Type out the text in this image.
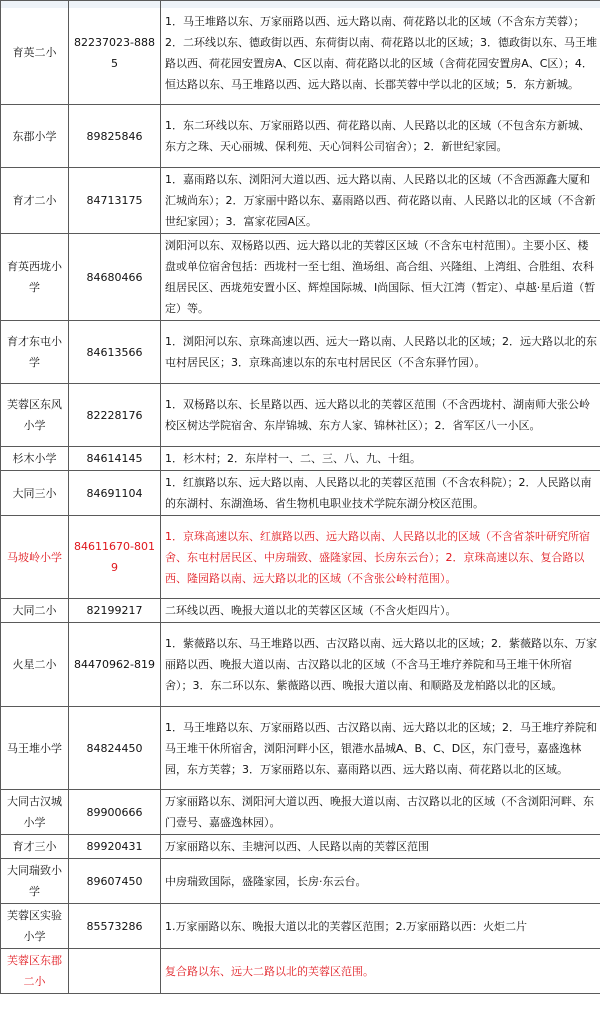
育英二小	82237023-8885	1．马王堆路以东、万家丽路以西、远大路以南、荷花路以北的区域（不含东方芙蓉）；2．二环线以东、德政街以西、东荷街以南、荷花路以北的区域；3．德政街以东、马王堆路以西、荷花园安置房A、C区以南、荷花路以北的区域（含荷花园安置房A、C区）；4．恒达路以东、马王堆路以西、远大路以南、长郡芙蓉中学以北的区域；5．东方新城。
东郡小学	89825846	1．东二环线以东、万家丽路以西、荷花路以南、人民路以北的区域（不包含东方新城、东方之珠、天心丽城、保利苑、天心饲料公司宿舍）；2．新世纪家园。
育才二小	84713175	1．嘉雨路以东、浏阳河大道以西、远大路以南、人民路以北的区域（不含西源鑫大厦和汇城尚东）；2．万家丽中路以东、嘉雨路以西、荷花路以南、人民路以北的区域（不含新世纪家园）；3．富家花园A区。
育英西垅小学	84680466	浏阳河以东、双杨路以西、远大路以北的芙蓉区区域（不含东屯村范围）。主要小区、楼盘或单位宿舍包括：西垅村一至七组、渔场组、高合组、兴隆组、上湾组、合胜组、农科组居民区、西垅苑安置小区、辉煌国际城、I尚国际、恒大江湾（暂定）、卓越·星后道（暂定）等。
育才东屯小学	84613566	1．浏阳河以东、京珠高速以西、远大一路以南、人民路以北的区域；2．远大路以北的东屯村居民区；3．京珠高速以东的东屯村居民区（不含东驿竹园）。
芙蓉区东风小学	82228176	1．双杨路以东、长星路以西、远大路以北的芙蓉区范围（不含西垅村、湖南师大张公岭校区树达学院宿舍、东岸锦城、东方人家、锦林社区）；2．省军区八一小区。
杉木小学	84614145	1．杉木村；2．东岸村一、二、三、八、九、十组。
大同三小	84691104	1．红旗路以东、远大路以南、人民路以北的芙蓉区范围（不含农科院）；2．人民路以南的东湖村、东湖渔场、省生物机电职业技术学院东湖分校区范围。
马坡岭小学	84611670-8019	1．京珠高速以东、红旗路以西、远大路以南、人民路以北的区域（不含省茶叶研究所宿舍、东屯村居民区、中房瑞致、盛隆家园、长房东云台）；2．京珠高速以东、复合路以西、隆园路以南、远大路以北的区域（不含张公岭村范围）。
大同二小	82199217	二环线以西、晚报大道以北的芙蓉区区域（不含火炬四片）。
火星二小	84470962-819	1．紫薇路以东、马王堆路以西、古汉路以南、远大路以北的区域；2．紫薇路以东、万家丽路以西、晚报大道以南、古汉路以北的区域（不含马王堆疗养院和马王堆干休所宿舍）；3．东二环以东、紫薇路以西、晚报大道以南、和顺路及龙柏路以北的区域。
马王堆小学	84824450	1．马王堆路以东、万家丽路以西、古汉路以南、远大路以北的区域；2．马王堆疗养院和马王堆干休所宿舍，浏阳河畔小区，银港水晶城A、B、C、D区，东门壹号，嘉盛逸林园，东方芙蓉；3．万家丽路以东、嘉雨路以西、远大路以南、荷花路以北的区域。
大同古汉城小学	89900666	万家丽路以东、浏阳河大道以西、晚报大道以南、古汉路以北的区域（不含浏阳河畔、东门壹号、嘉盛逸林园）。
育才三小	89920431	万家丽路以东、圭塘河以西、人民路以南的芙蓉区范围
大同瑞致小学	89607450	中房瑞致国际，盛隆家园，长房·东云台。
芙蓉区实验小学	85573286	1.万家丽路以东、晚报大道以北的芙蓉区范围；2.万家丽路以西：火炬二片
芙蓉区东郡二小		复合路以东、远大二路以北的芙蓉区范围。
